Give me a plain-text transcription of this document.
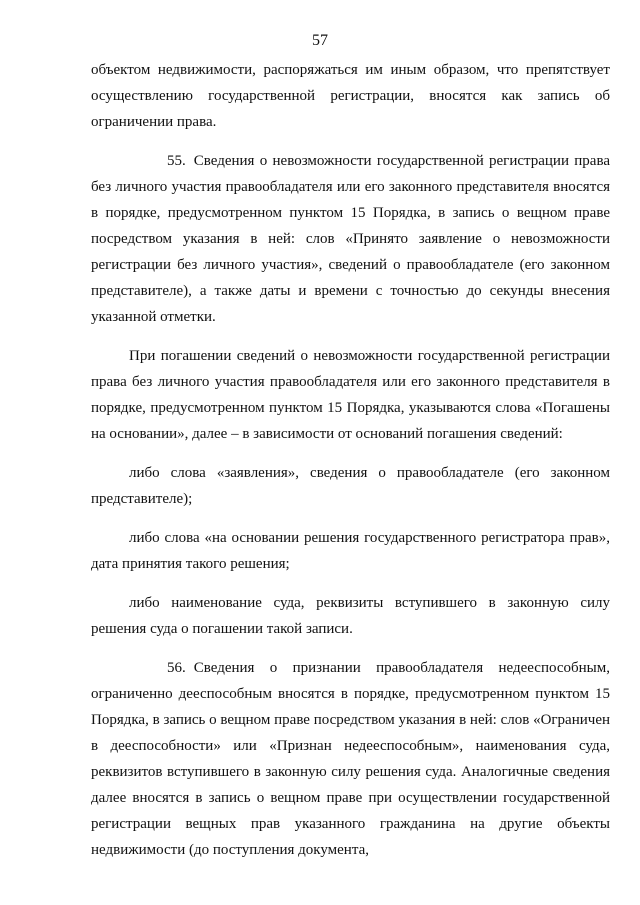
57

объектом недвижимости, распоряжаться им иным образом, что препятствует осуществлению государственной регистрации, вносятся как запись об ограничении права.

55. Сведения о невозможности государственной регистрации права без личного участия правообладателя или его законного представителя вносятся в порядке, предусмотренном пунктом 15 Порядка, в запись о вещном праве посредством указания в ней: слов «Принято заявление о невозможности регистрации без личного участия», сведений о правообладателе (его законном представителе), а также даты и времени с точностью до секунды внесения указанной отметки.

При погашении сведений о невозможности государственной регистрации права без личного участия правообладателя или его законного представителя в порядке, предусмотренном пунктом 15 Порядка, указываются слова «Погашены на основании», далее – в зависимости от оснований погашения сведений:

либо слова «заявления», сведения о правообладателе (его законном представителе);

либо слова «на основании решения государственного регистратора прав», дата принятия такого решения;

либо наименование суда, реквизиты вступившего в законную силу решения суда о погашении такой записи.

56. Сведения о признании правообладателя недееспособным, ограниченно дееспособным вносятся в порядке, предусмотренном пунктом 15 Порядка, в запись о вещном праве посредством указания в ней: слов «Ограничен в дееспособности» или «Признан недееспособным», наименования суда, реквизитов вступившего в законную силу решения суда. Аналогичные сведения далее вносятся в запись о вещном праве при осуществлении государственной регистрации вещных прав указанного гражданина на другие объекты недвижимости (до поступления документа,
